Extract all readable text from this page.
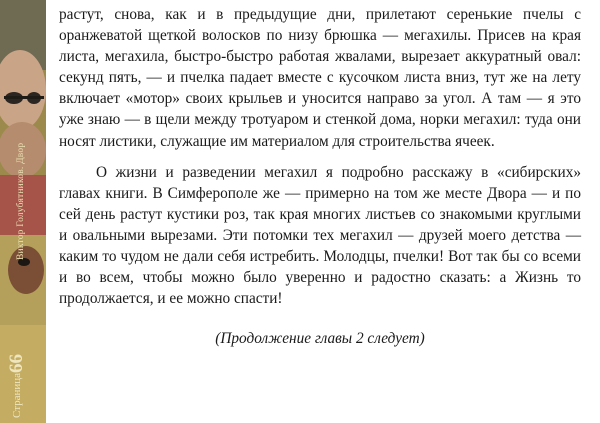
Виктор Голубятников. Двор
Страница66

растут, снова, как и в предыдущие дни, прилетают серенькие пчелы с оранжеватой щеткой волосков по низу брюшка — мегахилы. Присев на края листа, мегахила, быстро-быстро работая жвалами, вырезает аккуратный овал: секунд пять, — и пчелка падает вместе с кусочком листа вниз, тут же на лету включает «мотор» своих крыльев и уносится направо за угол. А там — я это уже знаю — в щели между тротуаром и стенкой дома, норки мегахил: туда они носят листики, служащие им материалом для строительства ячеек.

О жизни и разведении мегахил я подробно расскажу в «сибирских» главах книги. В Симферополе же — примерно на том же месте Двора — и по сей день растут кустики роз, так края многих листьев со знакомыми круглыми и овальными вырезами. Эти потомки тех мегахил — друзей моего детства — каким то чудом не дали себя истребить. Молодцы, пчелки! Вот так бы со всеми и во всем, чтобы можно было уверенно и радостно сказать: а Жизнь то продолжается, и ее можно спасти!

(Продолжение главы 2 следует)
